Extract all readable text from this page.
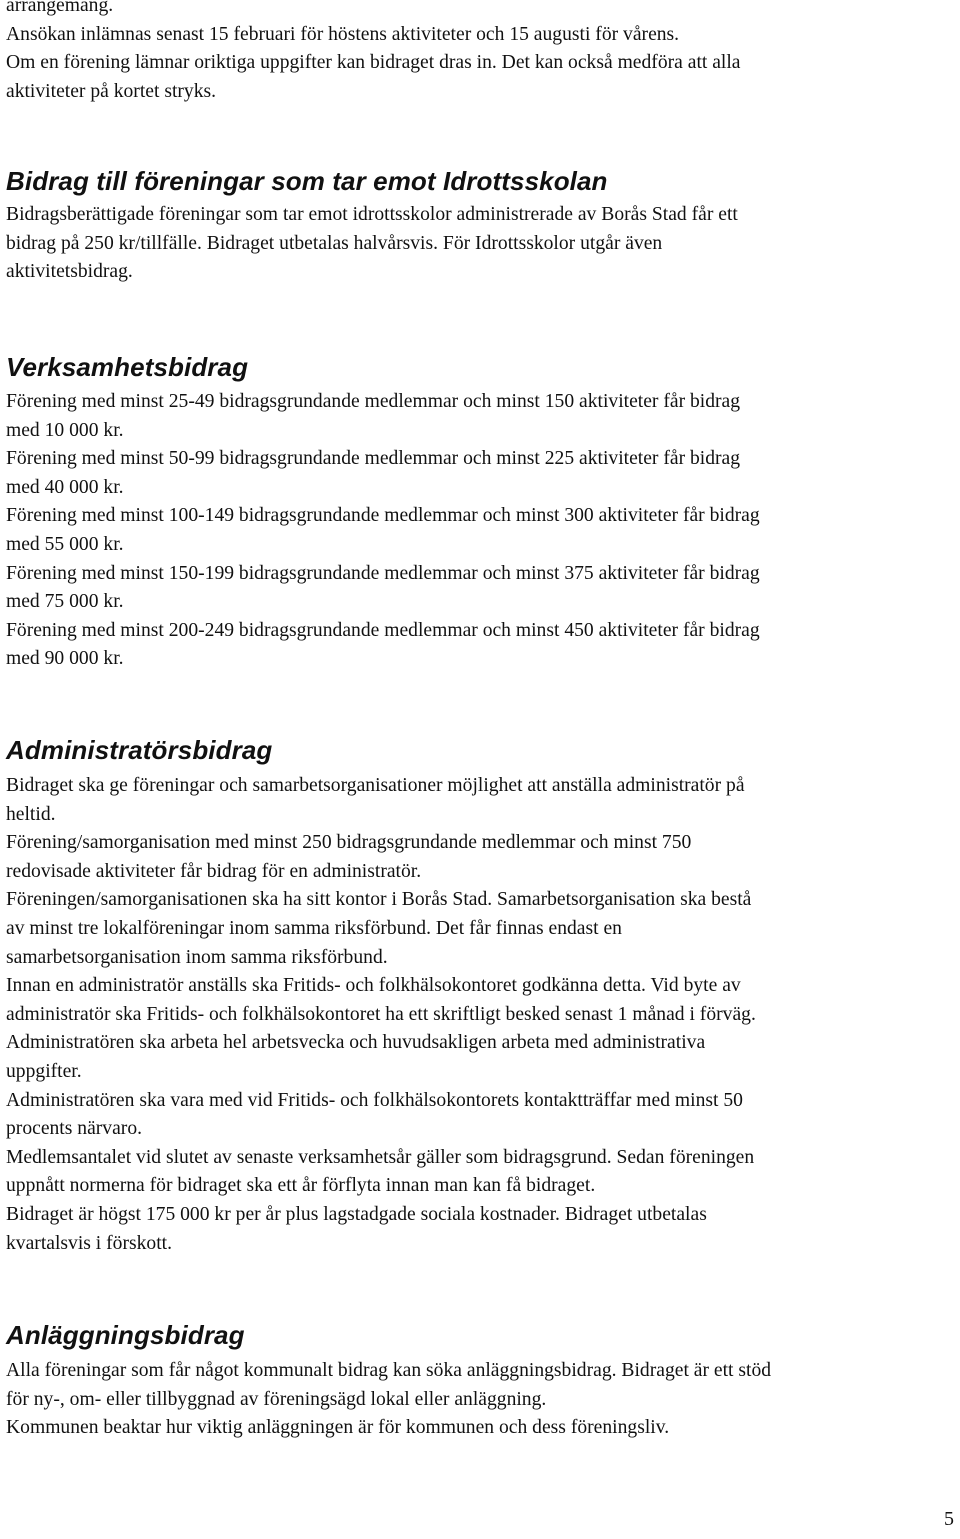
arrangemang.

Ansökan inlämnas senast 15 februari för höstens aktiviteter och 15 augusti för vårens.

Om en förening lämnar oriktiga uppgifter kan bidraget dras in. Det kan också medföra att alla

aktiviteter på kortet stryks.

Bidrag till föreningar som tar emot Idrottsskolan

Bidragsberättigade föreningar som tar emot idrottsskolor administrerade av Borås Stad får ett

bidrag på 250 kr/tillfälle. Bidraget utbetalas halvårsvis. För Idrottsskolor utgår även

aktivitetsbidrag.

Verksamhetsbidrag

Förening med minst 25-49 bidragsgrundande medlemmar och minst 150 aktiviteter får bidrag

med 10 000 kr.

Förening med minst 50-99 bidragsgrundande medlemmar och minst 225 aktiviteter får bidrag

med 40 000 kr.

Förening med minst 100-149 bidragsgrundande medlemmar och minst 300 aktiviteter får bidrag

med 55 000 kr.

Förening med minst 150-199 bidragsgrundande medlemmar och minst 375 aktiviteter får bidrag

med 75 000 kr.

Förening med minst 200-249 bidragsgrundande medlemmar och minst 450 aktiviteter får bidrag

med 90 000 kr.

Administratörsbidrag

Bidraget ska ge föreningar och samarbetsorganisationer möjlighet att anställa administratör på

heltid.

Förening/samorganisation med minst 250 bidragsgrundande medlemmar och minst 750

redovisade aktiviteter får bidrag för en administratör.

Föreningen/samorganisationen ska ha sitt kontor i Borås Stad. Samarbetsorganisation ska bestå

av minst tre lokalföreningar inom samma riksförbund. Det får finnas endast en

samarbetsorganisation inom samma riksförbund.

Innan en administratör anställs ska Fritids- och folkhälsokontoret godkänna detta. Vid byte av

administratör ska Fritids- och folkhälsokontoret ha ett skriftligt besked senast 1 månad i förväg.

Administratören ska arbeta hel arbetsvecka och huvudsakligen arbeta med administrativa

uppgifter.

Administratören ska vara med vid Fritids- och folkhälsokontorets kontaktträffar med minst 50

procents närvaro.

Medlemsantalet vid slutet av senaste verksamhetsår gäller som bidragsgrund. Sedan föreningen

uppnått normerna för bidraget ska ett år förflyta innan man kan få bidraget.

Bidraget är högst 175 000 kr per år plus lagstadgade sociala kostnader. Bidraget utbetalas

kvartalsvis i förskott.

Anläggningsbidrag

Alla föreningar som får något kommunalt bidrag kan söka anläggningsbidrag. Bidraget är ett stöd

för ny-, om- eller tillbyggnad av föreningsägd lokal eller anläggning.

Kommunen beaktar hur viktig anläggningen är för kommunen och dess föreningsliv.

5
